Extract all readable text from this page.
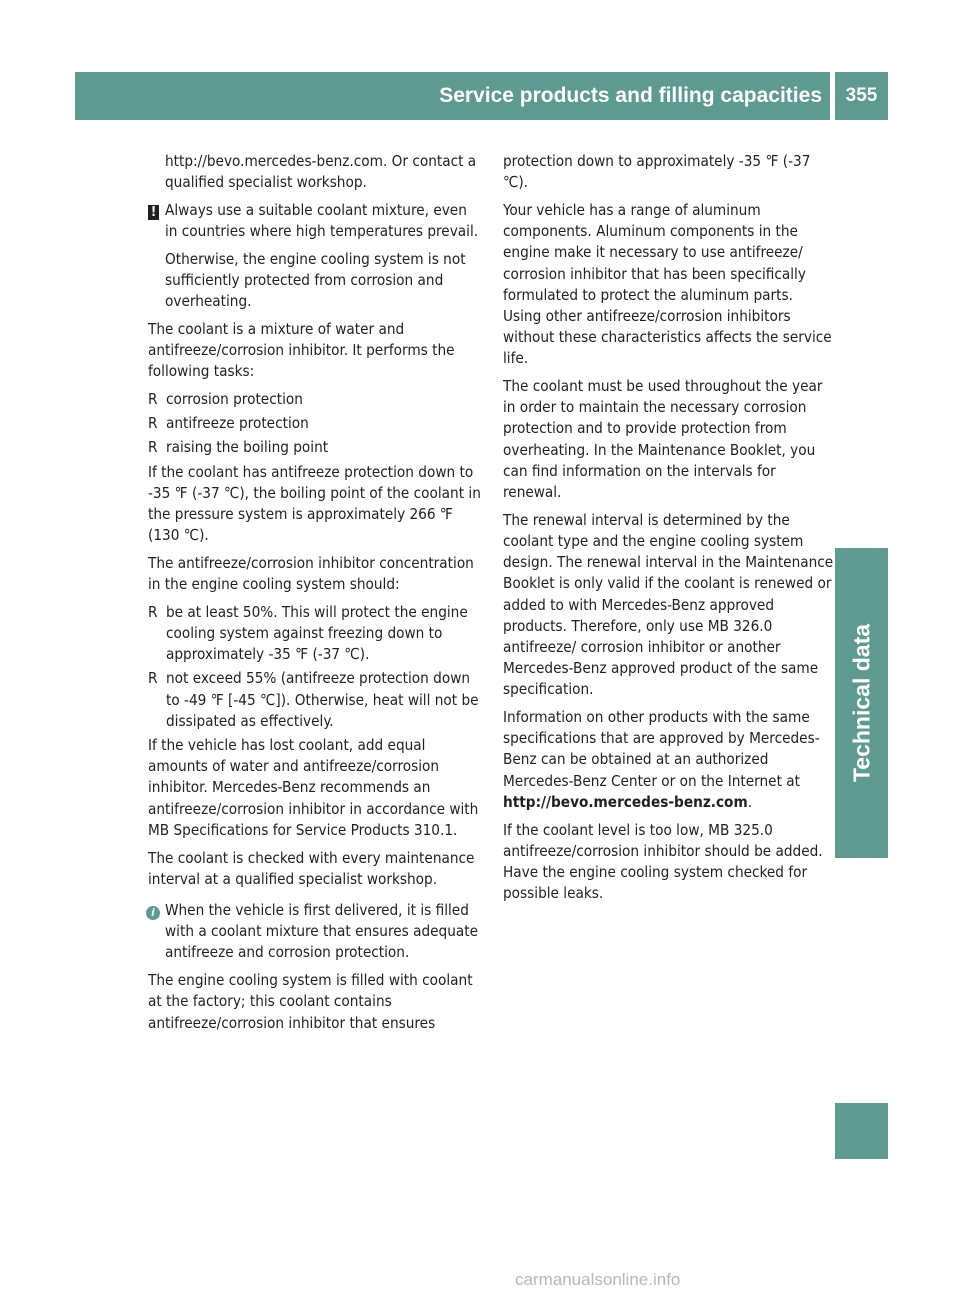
Service products and filling capacities	355
Technical data

http://bevo.mercedes-benz.com. Or contact a qualified specialist workshop.

! Always use a suitable coolant mixture, even in countries where high temperatures prevail.

Otherwise, the engine cooling system is not sufficiently protected from corrosion and overheating.

The coolant is a mixture of water and antifreeze/corrosion inhibitor. It performs the following tasks:

R corrosion protection

R antifreeze protection

R raising the boiling point

If the coolant has antifreeze protection down to -35 ℉ (-37 ℃), the boiling point of the coolant in the pressure system is approximately 266 ℉ (130 ℃).

The antifreeze/corrosion inhibitor concentration in the engine cooling system should:

R be at least 50%. This will protect the engine cooling system against freezing down to approximately -35 ℉ (-37 ℃).

R not exceed 55% (antifreeze protection down to -49 ℉ [-45 ℃]). Otherwise, heat will not be dissipated as effectively.

If the vehicle has lost coolant, add equal amounts of water and antifreeze/corrosion inhibitor. Mercedes-Benz recommends an antifreeze/corrosion inhibitor in accordance with MB Specifications for Service Products 310.1.

The coolant is checked with every maintenance interval at a qualified specialist workshop.

i When the vehicle is first delivered, it is filled with a coolant mixture that ensures adequate antifreeze and corrosion protection.

The engine cooling system is filled with coolant at the factory; this coolant contains antifreeze/corrosion inhibitor that ensures

protection down to approximately -35 ℉ (-37 ℃).

Your vehicle has a range of aluminum components. Aluminum components in the engine make it necessary to use antifreeze/ corrosion inhibitor that has been specifically formulated to protect the aluminum parts. Using other antifreeze/corrosion inhibitors without these characteristics affects the service life.

The coolant must be used throughout the year in order to maintain the necessary corrosion protection and to provide protection from overheating. In the Maintenance Booklet, you can find information on the intervals for renewal.

The renewal interval is determined by the coolant type and the engine cooling system design. The renewal interval in the Maintenance Booklet is only valid if the coolant is renewed or added to with Mercedes-Benz approved products. Therefore, only use MB 326.0 antifreeze/ corrosion inhibitor or another Mercedes-Benz approved product of the same specification.

Information on other products with the same specifications that are approved by Mercedes-Benz can be obtained at an authorized Mercedes-Benz Center or on the Internet at http://bevo.mercedes-benz.com.

If the coolant level is too low, MB 325.0 antifreeze/corrosion inhibitor should be added. Have the engine cooling system checked for possible leaks.

carmanualsonline.info
